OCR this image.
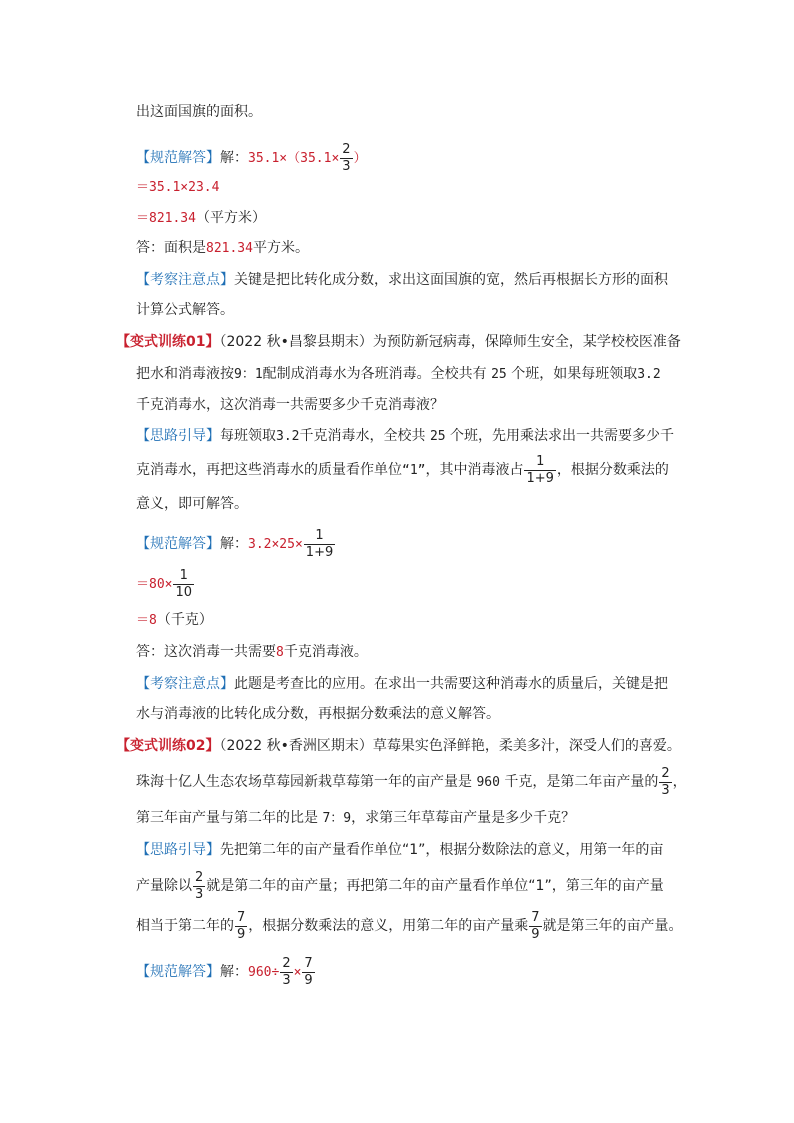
出这面国旗的面积。
【规范解答】解：$35.1\times(35.1\times \frac{2}{3}$ ）
＝35.1×23.4
＝821.34（平方米）
答：面积是821.34平方米。
【考察注意点】关键是把比转化成分数，求出这面国旗的宽，然后再根据长方形的面积
计算公式解答。
【变式训练01】（2022 秋•昌黎县期末）为预防新冠病毒，保障师生安全，某学校校医准备
把水和消毒液按9：1配制成消毒水为各班消毒。全校共有 25 个班，如果每班领取3.2
千克消毒水，这次消毒一共需要多少千克消毒液？
【思路引导】每班领取3.2千克消毒水，全校共 25 个班，先用乘法求出一共需要多少千
克消毒水，再把这些消毒水的质量看作单位“1”，其中消毒液占 $\frac{1}{1+9}$ ，根据分数乘法的
意义，即可解答。
【规范解答】解：$3.2\times 25\times \frac{1}{1+9}$
$=80\times \frac{1}{10}$
＝8（千克）
答：这次消毒一共需要8千克消毒液。
【考察注意点】此题是考查比的应用。在求出一共需要这种消毒水的质量后，关键是把
水与消毒液的比转化成分数，再根据分数乘法的意义解答。
【变式训练02】（2022 秋•香洲区期末）草莓果实色泽鲜艳，柔美多汁，深受人们的喜爱。
珠海十亿人生态农场草莓园新栽草莓第一年的亩产量是 960 千克，是第二年亩产量的 $\frac{2}{3}$ ，
第三年亩产量与第二年的比是 7：9，求第三年草莓亩产量是多少千克？
【思路引导】先把第二年的亩产量看作单位“1”，根据分数除法的意义，用第一年的亩
产量除以 $\frac{2}{3}$ 就是第二年的亩产量；再把第二年的亩产量看作单位“1”，第三年的亩产量
相当于第二年的 $\frac{7}{9}$ ，根据分数乘法的意义，用第二年的亩产量乘 $\frac{7}{9}$ 就是第三年的亩产量。
【规范解答】解：$960\div \frac{2}{3} \times \frac{7}{9}$
